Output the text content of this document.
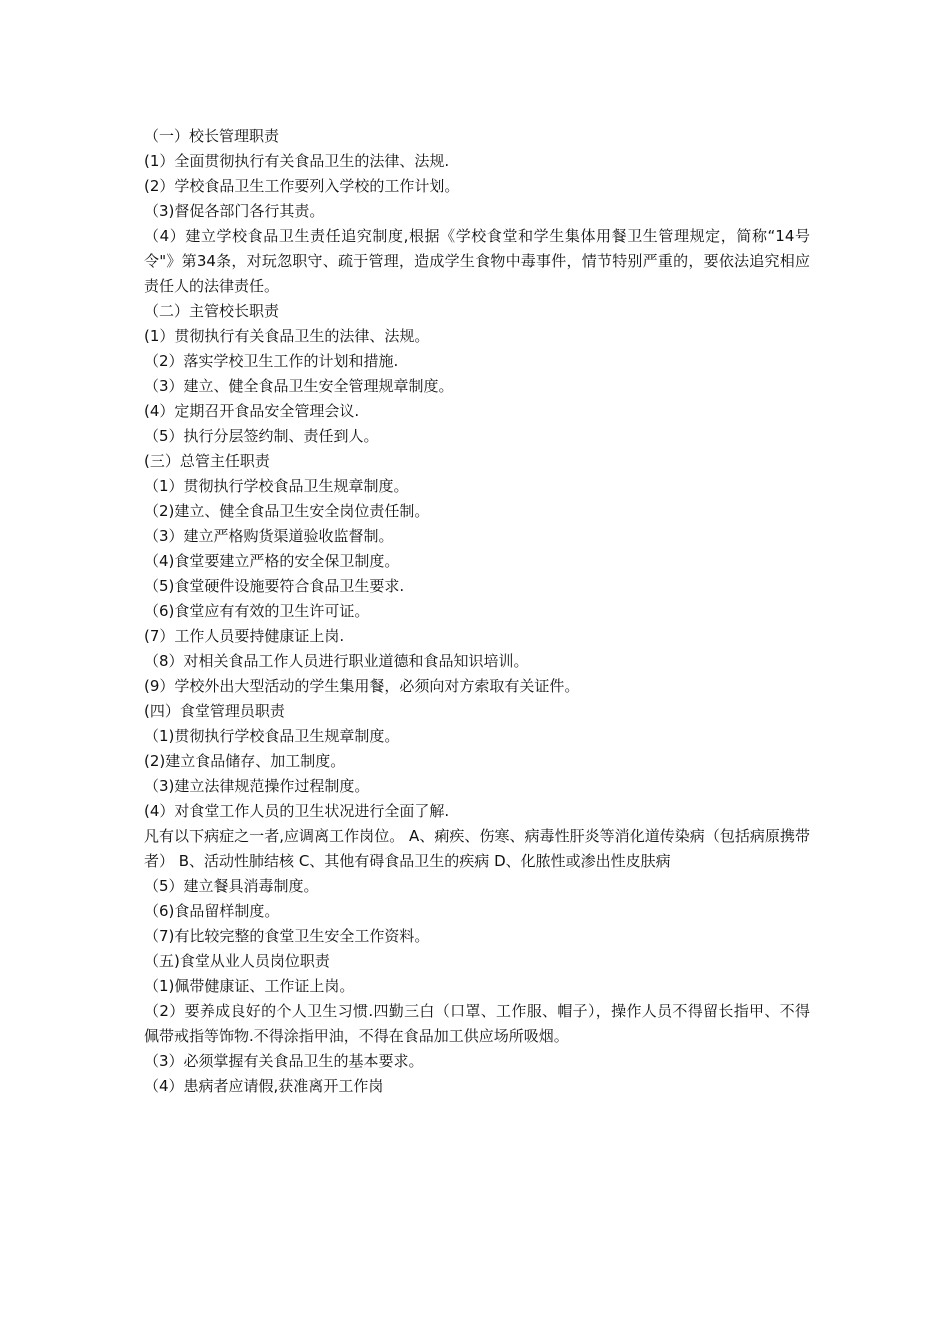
（一）校长管理职责

(1）全面贯彻执行有关食品卫生的法律、法规.

(2）学校食品卫生工作要列入学校的工作计划。

（3)督促各部门各行其责。

（4）建立学校食品卫生责任追究制度,根据《学校食堂和学生集体用餐卫生管理规定，简称“14号令"》第34条，对玩忽职守、疏于管理，造成学生食物中毒事件，情节特别严重的，要依法追究相应责任人的法律责任。

（二）主管校长职责

(1）贯彻执行有关食品卫生的法律、法规。

（2）落实学校卫生工作的计划和措施.

（3）建立、健全食品卫生安全管理规章制度。

(4）定期召开食品安全管理会议.

（5）执行分层签约制、责任到人。

(三）总管主任职责

（1）贯彻执行学校食品卫生规章制度。

（2)建立、健全食品卫生安全岗位责任制。

（3）建立严格购货渠道验收监督制。

（4)食堂要建立严格的安全保卫制度。

（5)食堂硬件设施要符合食品卫生要求.

（6)食堂应有有效的卫生许可证。

(7）工作人员要持健康证上岗.

（8）对相关食品工作人员进行职业道德和食品知识培训。

(9）学校外出大型活动的学生集用餐，必须向对方索取有关证件。

(四）食堂管理员职责

（1)贯彻执行学校食品卫生规章制度。

(2)建立食品储存、加工制度。

（3)建立法律规范操作过程制度。

(4）对食堂工作人员的卫生状况进行全面了解.

凡有以下病症之一者,应调离工作岗位。 A、痢疾、伤寒、病毒性肝炎等消化道传染病（包括病原携带者） B、活动性肺结核 C、其他有碍食品卫生的疾病 D、化脓性或渗出性皮肤病

（5）建立餐具消毒制度。

（6)食品留样制度。

（7)有比较完整的食堂卫生安全工作资料。

（五)食堂从业人员岗位职责

（1)佩带健康证、工作证上岗。

（2）要养成良好的个人卫生习惯.四勤三白（口罩、工作服、帽子），操作人员不得留长指甲、不得佩带戒指等饰物.不得涂指甲油，不得在食品加工供应场所吸烟。

（3）必须掌握有关食品卫生的基本要求。

（4）患病者应请假,获准离开工作岗
